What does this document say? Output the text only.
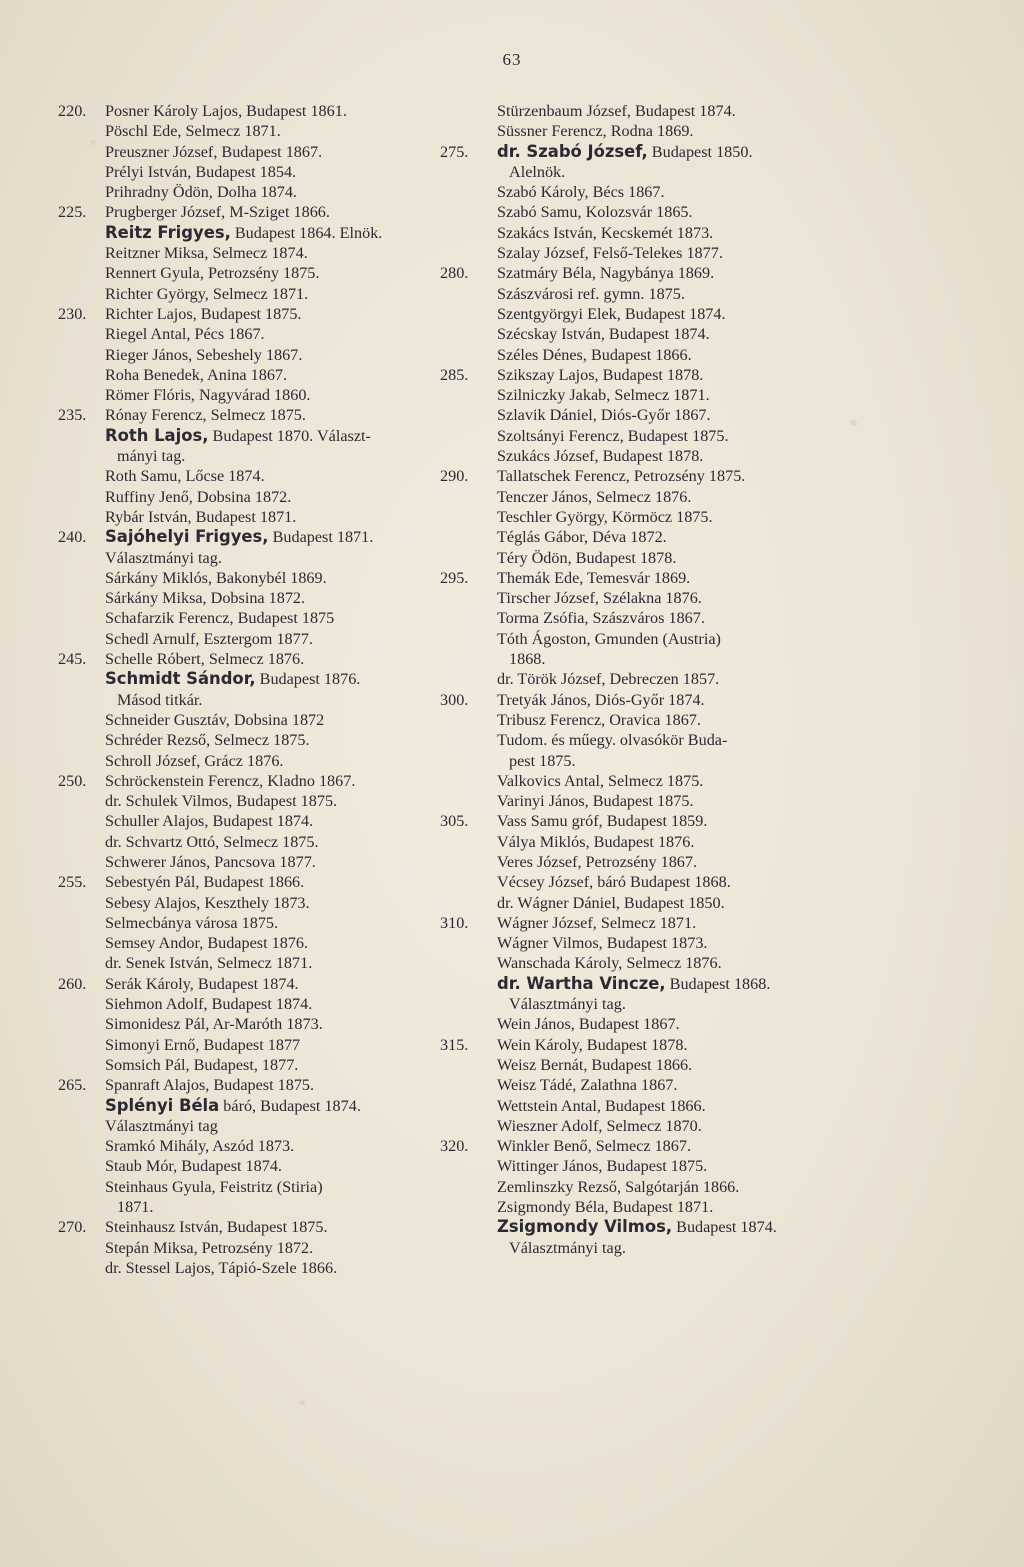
63
220.	Posner Károly Lajos, Budapest 1861.
Pöschl Ede, Selmecz 1871.
Preuszner József, Budapest 1867.
Prélyi István, Budapest 1854.
Prihradny Ödön, Dolha 1874.
225.	Prugberger József, M-Sziget 1866.
Reitz Frigyes, Budapest 1864. Elnök.
Reitzner Miksa, Selmecz 1874.
Rennert Gyula, Petrozsény 1875.
Richter György, Selmecz 1871.
230.	Richter Lajos, Budapest 1875.
Riegel Antal, Pécs 1867.
Rieger János, Sebeshely 1867.
Roha Benedek, Anina 1867.
Römer Flóris, Nagyvárad 1860.
235.	Rónay Ferencz, Selmecz 1875.
Roth Lajos, Budapest 1870. Választ-
mányi tag.
Roth Samu, Lőcse 1874.
Ruffiny Jenő, Dobsina 1872.
Rybár István, Budapest 1871.
240.	Sajóhelyi Frigyes, Budapest 1871.
Választmányi tag.
Sárkány Miklós, Bakonybél 1869.
Sárkány Miksa, Dobsina 1872.
Schafarzik Ferencz, Budapest 1875
Schedl Arnulf, Esztergom 1877.
245.	Schelle Róbert, Selmecz 1876.
Schmidt Sándor, Budapest 1876.
Másod titkár.
Schneider Gusztáv, Dobsina 1872
Schréder Rezső, Selmecz 1875.
Schroll József, Grácz 1876.
250.	Schröckenstein Ferencz, Kladno 1867.
dr. Schulek Vilmos, Budapest 1875.
Schuller Alajos, Budapest 1874.
dr. Schvartz Ottó, Selmecz 1875.
Schwerer János, Pancsova 1877.
255.	Sebestyén Pál, Budapest 1866.
Sebesy Alajos, Keszthely 1873.
Selmecbánya városa 1875.
Semsey Andor, Budapest 1876.
dr. Senek István, Selmecz 1871.
260.	Serák Károly, Budapest 1874.
Siehmon Adolf, Budapest 1874.
Simonidesz Pál, Ar-Maróth 1873.
Simonyi Ernő, Budapest 1877
Somsich Pál, Budapest, 1877.
265.	Spanraft Alajos, Budapest 1875.
Splényi Béla báró, Budapest 1874.
Választmányi tag
Sramkó Mihály, Aszód 1873.
Staub Mór, Budapest 1874.
Steinhaus Gyula, Feistritz (Stiria)
1871.
270.	Steinhausz István, Budapest 1875.
Stepán Miksa, Petrozsény 1872.
dr. Stessel Lajos, Tápió-Szele 1866.
Stürzenbaum József, Budapest 1874.
Süssner Ferencz, Rodna 1869.
275.	dr. Szabó József, Budapest 1850.
Alelnök.
Szabó Károly, Bécs 1867.
Szabó Samu, Kolozsvár 1865.
Szakács István, Kecskemét 1873.
Szalay József, Felső-Telekes 1877.
280.	Szatmáry Béla, Nagybánya 1869.
Szászvárosi ref. gymn. 1875.
Szentgyörgyi Elek, Budapest 1874.
Szécskay István, Budapest 1874.
Széles Dénes, Budapest 1866.
285.	Szikszay Lajos, Budapest 1878.
Szilniczky Jakab, Selmecz 1871.
Szlavik Dániel, Diós-Győr 1867.
Szoltsányi Ferencz, Budapest 1875.
Szukács József, Budapest 1878.
290.	Tallatschek Ferencz, Petrozsény 1875.
Tenczer János, Selmecz 1876.
Teschler György, Körmöcz 1875.
Téglás Gábor, Déva 1872.
Téry Ödön, Budapest 1878.
295.	Themák Ede, Temesvár 1869.
Tirscher József, Szélakna 1876.
Torma Zsófia, Szászváros 1867.
Tóth Ágoston, Gmunden (Austria)
1868.
dr. Török József, Debreczen 1857.
300.	Tretyák János, Diós-Győr 1874.
Tribusz Ferencz, Oravica 1867.
Tudom. és műegy. olvasókör Buda-
pest 1875.
Valkovics Antal, Selmecz 1875.
Varinyi János, Budapest 1875.
305.	Vass Samu gróf, Budapest 1859.
Vályа Miklós, Budapest 1876.
Veres József, Petrozsény 1867.
Vécsey József, báró Budapest 1868.
dr. Wágner Dániel, Budapest 1850.
310.	Wágner József, Selmecz 1871.
Wágner Vilmos, Budapest 1873.
Wanschada Károly, Selmecz 1876.
dr. Wartha Vincze, Budapest 1868.
Választmányi tag.
Wein János, Budapest 1867.
315.	Wein Károly, Budapest 1878.
Weisz Bernát, Budapest 1866.
Weisz Tádé, Zalathna 1867.
Wettstein Antal, Budapest 1866.
Wieszner Adolf, Selmecz 1870.
320.	Winkler Benő, Selmecz 1867.
Wittinger János, Budapest 1875.
Zemlinszky Rezső, Salgótarján 1866.
Zsigmondy Béla, Budapest 1871.
Zsigmondy Vilmos, Budapest 1874.
Választmányi tag.
